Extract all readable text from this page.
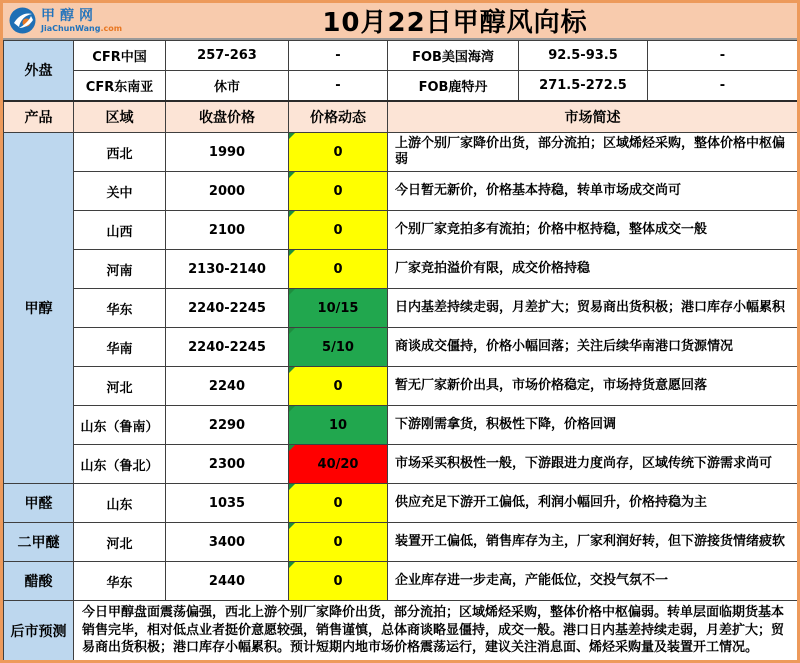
甲醇网
JiaChunWang.com	10月22日甲醇风向标
外盘	CFR中国	257-263	-	FOB美国海湾	92.5-93.5	-
	CFR东南亚	休市	-	FOB鹿特丹	271.5-272.5	-
产品	区域	收盘价格	价格动态	市场简述		
甲醇	西北	1990	0	上游个别厂家降价出货，部分流拍；区域烯烃采购，整体价格中枢偏弱		
	关中	2000	0	今日暂无新价，价格基本持稳，转单市场成交尚可		
	山西	2100	0	个别厂家竞拍多有流拍；价格中枢持稳，整体成交一般		
	河南	2130-2140	0	厂家竞拍溢价有限，成交价格持稳		
	华东	2240-2245	10/15	日内基差持续走弱，月差扩大；贸易商出货积极；港口库存小幅累积		
	华南	2240-2245	5/10	商谈成交僵持，价格小幅回落；关注后续华南港口货源情况		
	河北	2240	0	暂无厂家新价出具，市场价格稳定，市场持货意愿回落		
	山东（鲁南）	2290	10	下游刚需拿货，积极性下降，价格回调		
	山东（鲁北）	2300	40/20	市场采买积极性一般，下游跟进力度尚存，区域传统下游需求尚可		
甲醛	山东	1035	0	供应充足下游开工偏低，利润小幅回升，价格持稳为主		
二甲醚	河北	3400	0	装置开工偏低，销售库存为主，厂家利润好转，但下游接货情绪疲软		
醋酸	华东	2440	0	企业库存进一步走高，产能低位，交投气氛不一		
后市预测	今日甲醇盘面震荡偏强，西北上游个别厂家降价出货，部分流拍；区域烯烃采购，整体价格中枢偏弱。转单层面临期货基本销售完毕，相对低点业者挺价意愿较强，销售谨慎，总体商谈略显僵持，成交一般。港口日内基差持续走弱，月差扩大；贸易商出货积极；港口库存小幅累积。预计短期内地市场价格震荡运行，建议关注消息面、烯烃采购量及装置开工情况。					
